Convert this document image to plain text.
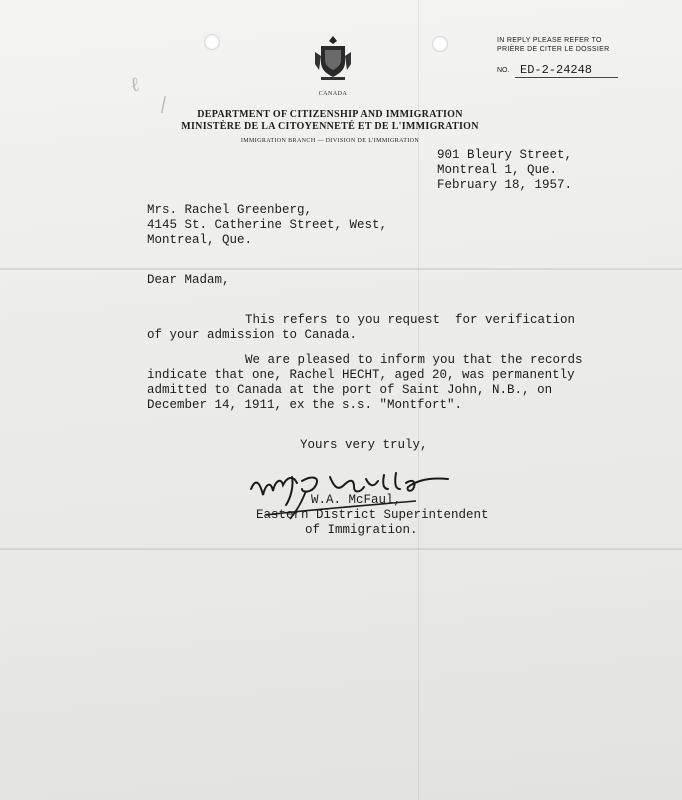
ℓ
/	CANADA
DEPARTMENT OF CITIZENSHIP AND IMMIGRATION
MINISTÈRE DE LA CITOYENNETÉ ET DE L'IMMIGRATION
IMMIGRATION BRANCH — DIVISION DE L'IMMIGRATION
IN REPLY PLEASE REFER TO
PRIÈRE DE CITER LE DOSSIER
NO. ED-2-24248
901 Bleury Street,
Montreal 1, Que.
February 18, 1957.
Mrs. Rachel Greenberg,
4145 St. Catherine Street, West,
Montreal, Que.
Dear Madam,
This refers to you request  for verification
of your admission to Canada.
We are pleased to inform you that the records
indicate that one, Rachel HECHT, aged 20, was permanently
admitted to Canada at the port of Saint John, N.B., on
December 14, 1911, ex the s.s. "Montfort".
Yours very truly,
W.A. McFaul,
Eastern District Superintendent
of Immigration.
